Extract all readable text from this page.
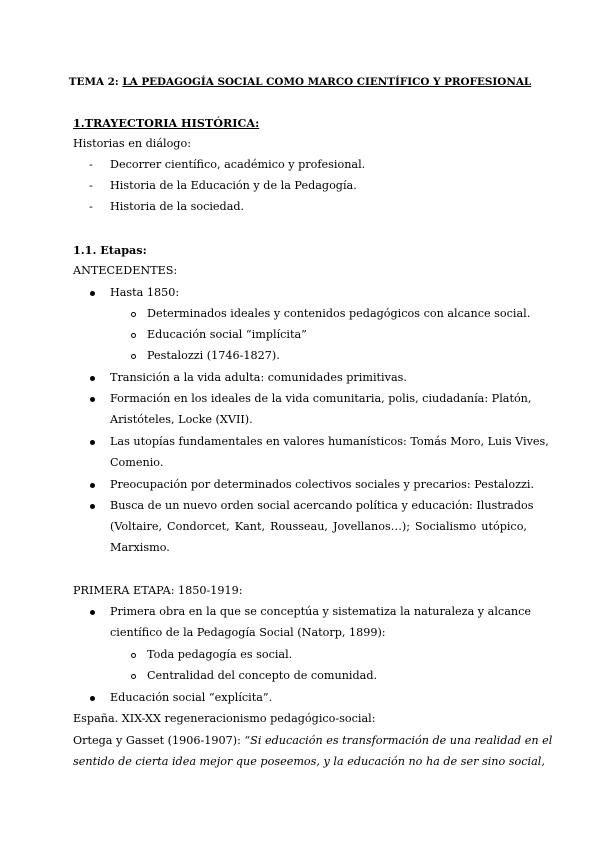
TEMA 2: LA PEDAGOGÍA SOCIAL COMO MARCO CIENTÍFICO Y PROFESIONAL
1.TRAYECTORIA HISTÓRICA:
Historias en diálogo:
- Decorrer científico, académico y profesional.
- Historia de la Educación y de la Pedagogía.
- Historia de la sociedad.
1.1. Etapas:
ANTECEDENTES:
Hasta 1850:
Determinados ideales y contenidos pedagógicos con alcance social.
Educación social “implícita”
Pestalozzi (1746-1827).
Transición a la vida adulta: comunidades primitivas.
Formación en los ideales de la vida comunitaria, polis, ciudadanía: Platón,
Aristóteles, Locke (XVII).
Las utopías fundamentales en valores humanísticos: Tomás Moro, Luis Vives,
Comenio.
Preocupación por determinados colectivos sociales y precarios: Pestalozzi.
Busca de un nuevo orden social acercando política y educación: Ilustrados
(Voltaire, Condorcet, Kant, Rousseau, Jovellanos…); Socialismo utópico,
Marxismo.
PRIMERA ETAPA: 1850-1919:
Primera obra en la que se conceptúa y sistematiza la naturaleza y alcance
científico de la Pedagogía Social (Natorp, 1899):
Toda pedagogía es social.
Centralidad del concepto de comunidad.
Educación social “explícita”.
España. XIX-XX regeneracionismo pedagógico-social:
Ortega y Gasset (1906-1907): “Si educación es transformación de una realidad en el
sentido de cierta idea mejor que poseemos, y la educación no ha de ser sino social,
